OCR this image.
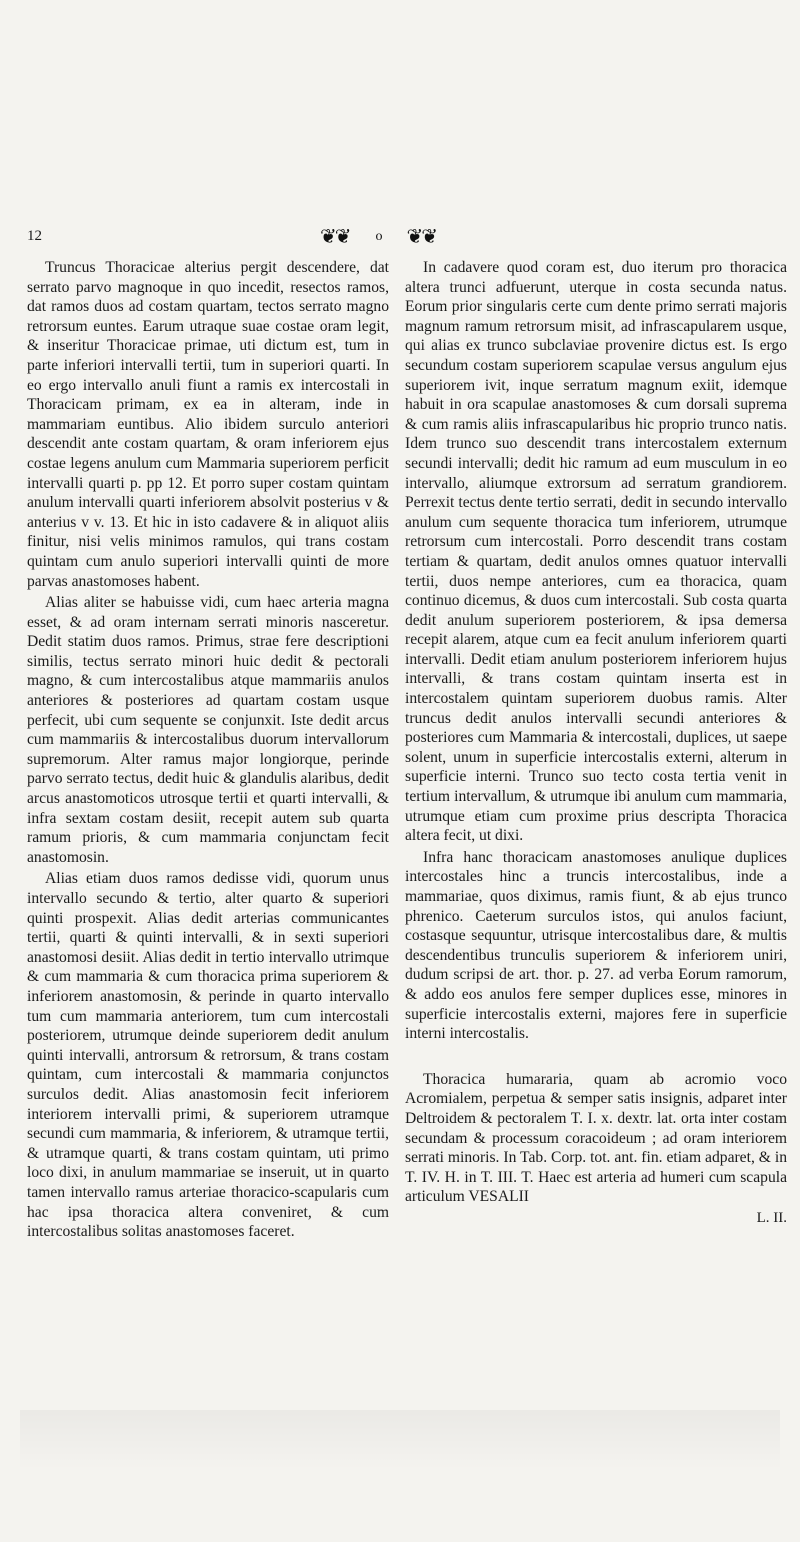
12	❦❦ o ❦❦

Truncus Thoracicae alterius pergit descendere, dat serrato parvo magnoque in quo incedit, resectos ramos, dat ramos duos ad costam quartam, tectos serrato magno retrorsum euntes. Earum utraque suae costae oram legit, & inseritur Thoracicae primae, uti dictum est, tum in parte inferiori intervalli tertii, tum in superiori quarti. In eo ergo intervallo anuli fiunt a ramis ex intercostali in Thoracicam primam, ex ea in alteram, inde in mammariam euntibus. Alio ibidem surculo anteriori descendit ante costam quartam, & oram inferiorem ejus costae legens anulum cum Mammaria superiorem perficit intervalli quarti p. pp 12. Et porro super costam quintam anulum intervalli quarti inferiorem absolvit posterius v & anterius v v. 13. Et hic in isto cadavere & in aliquot aliis finitur, nisi velis minimos ramulos, qui trans costam quintam cum anulo superiori intervalli quinti de more parvas anastomoses habent.

Alias aliter se habuisse vidi, cum haec arteria magna esset, & ad oram internam serrati minoris nasceretur. Dedit statim duos ramos. Primus, strae fere descriptioni similis, tectus serrato minori huic dedit & pectorali magno, & cum intercostalibus atque mammariis anulos anteriores & posteriores ad quartam costam usque perfecit, ubi cum sequente se conjunxit. Iste dedit arcus cum mammariis & intercostalibus duorum intervallorum supremorum. Alter ramus major longiorque, perinde parvo serrato tectus, dedit huic & glandulis alaribus, dedit arcus anastomoticos utrosque tertii et quarti intervalli, & infra sextam costam desiit, recepit autem sub quarta ramum prioris, & cum mammaria conjunctam fecit anastomosin.

Alias etiam duos ramos dedisse vidi, quorum unus intervallo secundo & tertio, alter quarto & superiori quinti prospexit. Alias dedit arterias communicantes tertii, quarti & quinti intervalli, & in sexti superiori anastomosi desiit. Alias dedit in tertio intervallo utrimque & cum mammaria & cum thoracica prima superiorem & inferiorem anastomosin, & perinde in quarto intervallo tum cum mammaria anteriorem, tum cum intercostali posteriorem, utrumque deinde superiorem dedit anulum quinti intervalli, antrorsum & retrorsum, & trans costam quintam, cum intercostali & mammaria conjunctos surculos dedit. Alias anastomosin fecit inferiorem interiorem intervalli primi, & superiorem utramque secundi cum mammaria, & inferiorem, & utramque tertii, & utramque quarti, & trans costam quintam, uti primo loco dixi, in anulum mammariae se inseruit, ut in quarto tamen intervallo ramus arteriae thoracico-scapularis cum hac ipsa thoracica altera conveniret, & cum intercostalibus solitas anastomoses faceret.

In cadavere quod coram est, duo iterum pro thoracica altera trunci adfuerunt, uterque in costa secunda natus. Eorum prior singularis certe cum dente primo serrati majoris magnum ramum retrorsum misit, ad infrascapularem usque, qui alias ex trunco subclaviae provenire dictus est. Is ergo secundum costam superiorem scapulae versus angulum ejus superiorem ivit, inque serratum magnum exiit, idemque habuit in ora scapulae anastomoses & cum dorsali suprema & cum ramis aliis infrascapularibus hic proprio trunco natis. Idem trunco suo descendit trans intercostalem externum secundi intervalli; dedit hic ramum ad eum musculum in eo intervallo, aliumque extrorsum ad serratum grandiorem. Perrexit tectus dente tertio serrati, dedit in secundo intervallo anulum cum sequente thoracica tum inferiorem, utrumque retrorsum cum intercostali. Porro descendit trans costam tertiam & quartam, dedit anulos omnes quatuor intervalli tertii, duos nempe anteriores, cum ea thoracica, quam continuo dicemus, & duos cum intercostali. Sub costa quarta dedit anulum superiorem posteriorem, & ipsa demersa recepit alarem, atque cum ea fecit anulum inferiorem quarti intervalli. Dedit etiam anulum posteriorem inferiorem hujus intervalli, & trans costam quintam inserta est in intercostalem quintam superiorem duobus ramis. Alter truncus dedit anulos intervalli secundi anteriores & posteriores cum Mammaria & intercostali, duplices, ut saepe solent, unum in superficie intercostalis externi, alterum in superficie interni. Trunco suo tecto costa tertia venit in tertium intervallum, & utrumque ibi anulum cum mammaria, utrumque etiam cum proxime prius descripta Thoracica altera fecit, ut dixi.

Infra hanc thoracicam anastomoses anulique duplices intercostales hinc a truncis intercostalibus, inde a mammariae, quos diximus, ramis fiunt, & ab ejus trunco phrenico. Caeterum surculos istos, qui anulos faciunt, costasque sequuntur, utrisque intercostalibus dare, & multis descendentibus trunculis superiorem & inferiorem uniri, dudum scripsi de art. thor. p. 27. ad verba Eorum ramorum, & addo eos anulos fere semper duplices esse, minores in superficie intercostalis externi, majores fere in superficie interni intercostalis.

Thoracica humararia, quam ab acromio voco Acromialem, perpetua & semper satis insignis, adparet inter Deltroidem & pectoralem T. I. x. dextr. lat. orta inter costam secundam & processum coracoideum ; ad oram interiorem serrati minoris. In Tab. Corp. tot. ant. fin. etiam adparet, & in T. IV. H. in T. III. T. Haec est arteria ad humeri cum scapula articulum VESALII

L. II.
